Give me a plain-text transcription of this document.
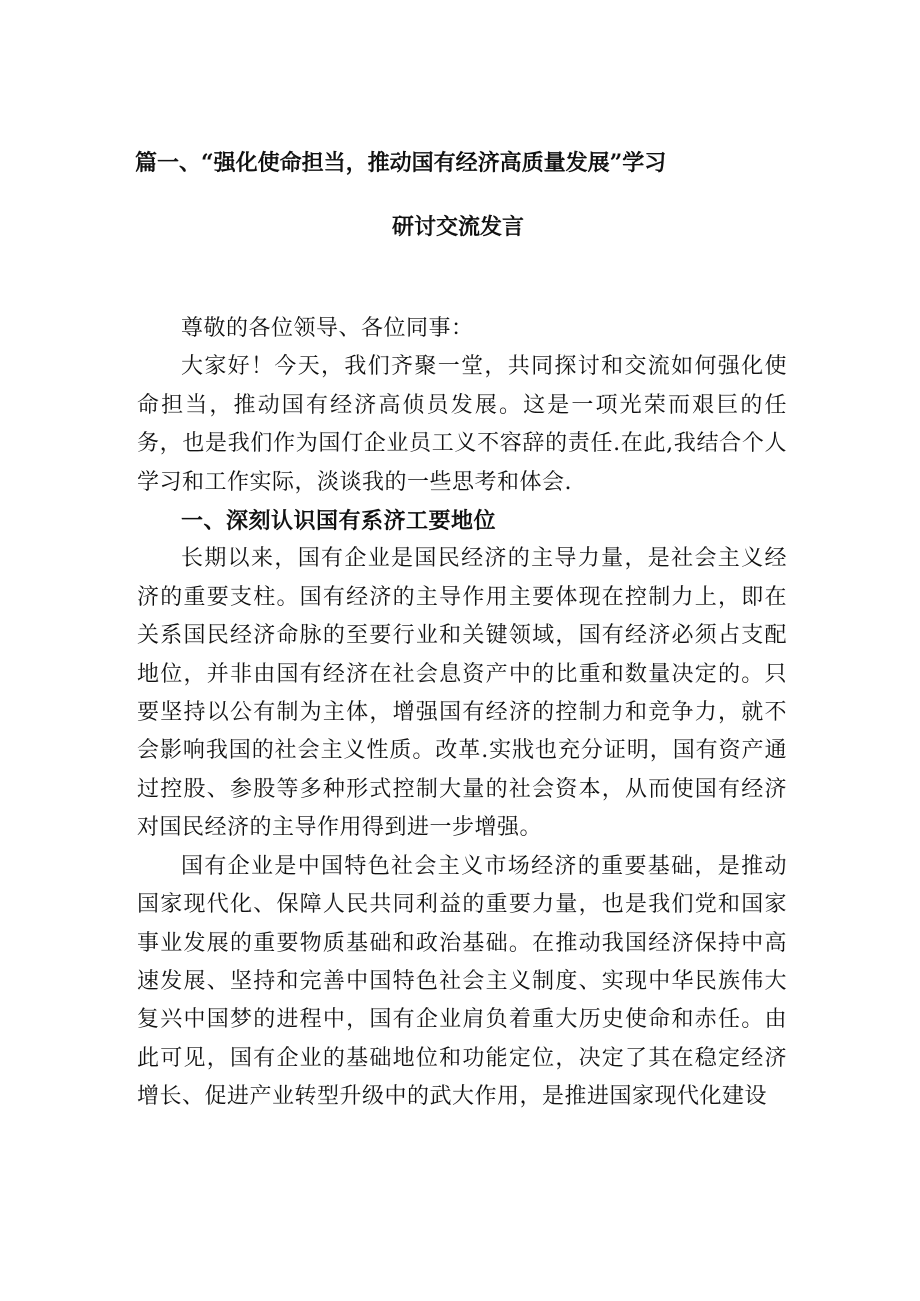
篇一、“强化使命担当，推动国有经济高质量发展”学习
研讨交流发言

尊敬的各位领导、各位同事：

大家好！今天，我们齐聚一堂，共同探讨和交流如何强化使命担当，推动国有经济高侦员发展。这是一项光荣而艰巨的任务，也是我们作为国仃企业员工义不容辞的责任.在此,我结合个人学习和工作实际，淡谈我的一些思考和体会.

一、深刻认识国有系济工要地位

长期以来，国有企业是国民经济的主导力量，是社会主义经济的重要支柱。国有经济的主导作用主要体现在控制力上，即在关系国民经济命脉的至要行业和关键领域，国有经济必须占支配地位，并非由国有经济在社会息资产中的比重和数量决定的。只要坚持以公有制为主体，增强国有经济的控制力和竞争力，就不会影响我国的社会主义性质。改革.实戕也充分证明，国有资产通过控股、参股等多种形式控制大量的社会资本，从而使国有经济对国民经济的主导作用得到进一步增强。

国有企业是中国特色社会主义市场经济的重要基础，是推动国家现代化、保障人民共同利益的重要力量，也是我们党和国家事业发展的重要物质基础和政治基础。在推动我国经济保持中高速发展、坚持和完善中国特色社会主义制度、实现中华民族伟大复兴中国梦的进程中，国有企业肩负着重大历史使命和赤任。由此可见，国有企业的基础地位和功能定位，决定了其在稳定经济增长、促进产业转型升级中的武大作用，是推进国家现代化建设
